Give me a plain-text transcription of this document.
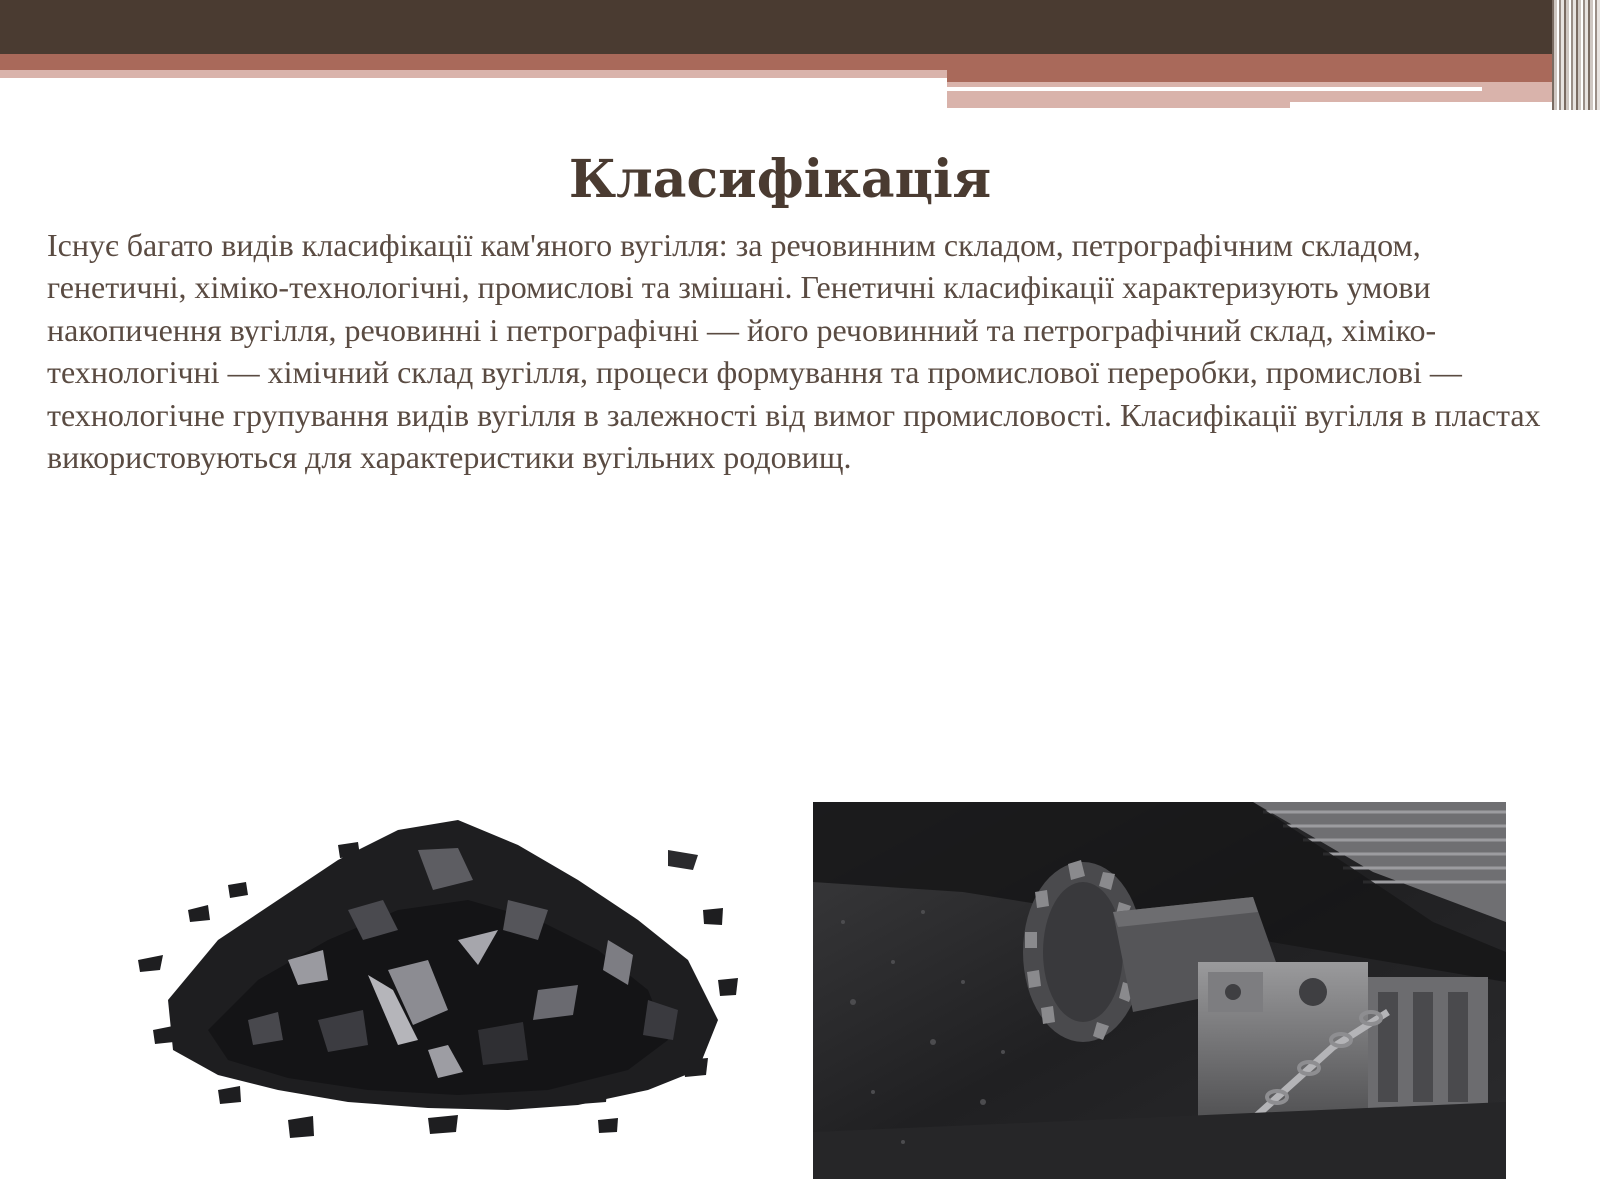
Класифікація

Існує багато видів класифікації кам'яного вугілля: за речовинним складом, петрографічним складом, генетичні, хіміко-технологічні, промислові та змішані. Генетичні класифікації характеризують умови накопичення вугілля, речовинні і петрографічні — його речовинний та петрографічний склад, хіміко-технологічні — хімічний склад вугілля, процеси формування та промислової переробки, промислові — технологічне групування видів вугілля в залежності від вимог промисловості. Класифікації вугілля в пластах використовуються для характеристики вугільних родовищ.
